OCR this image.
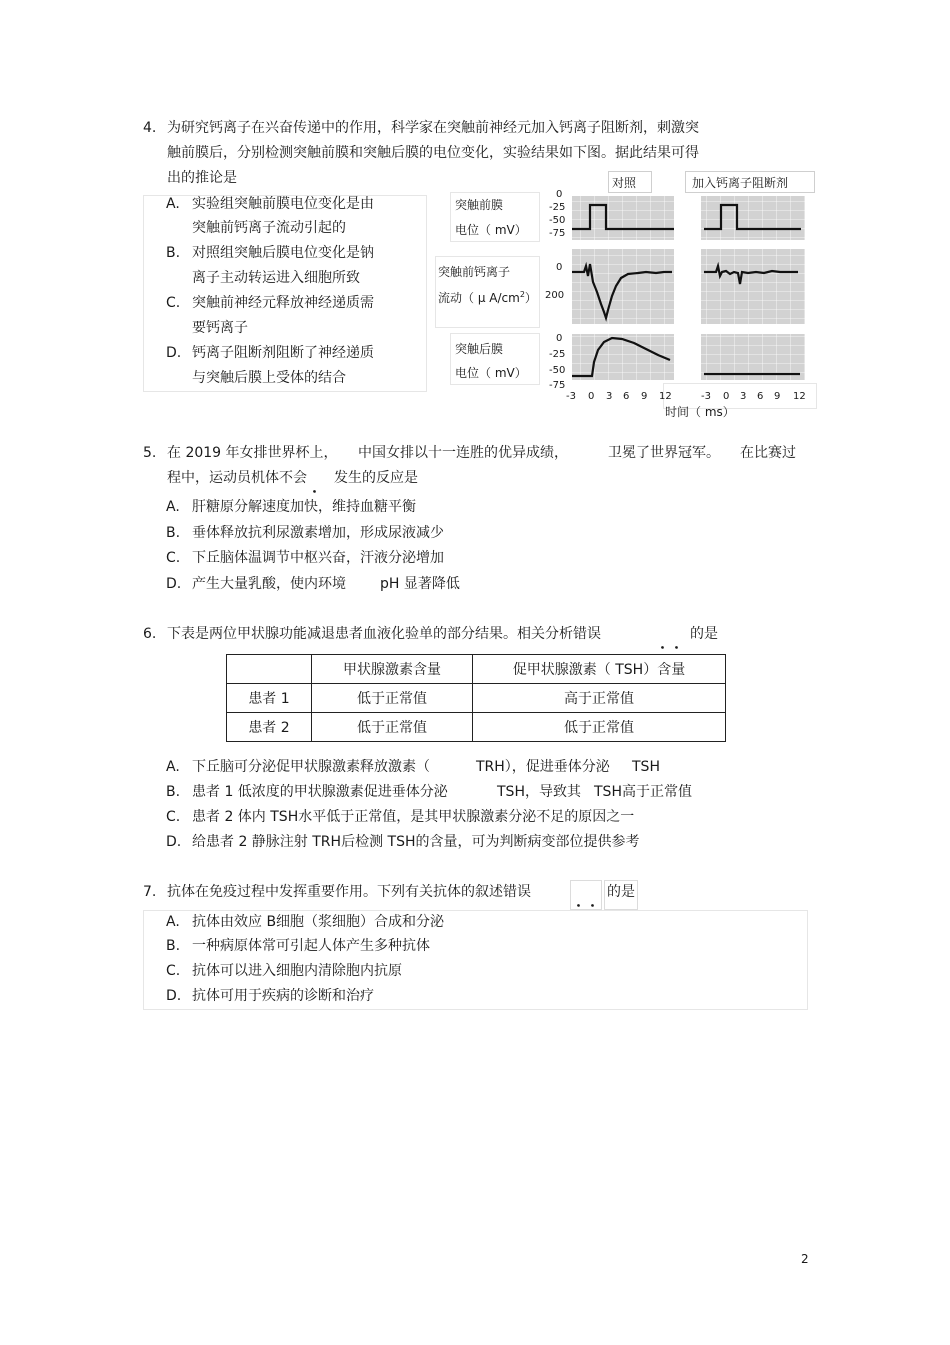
4. 为研究钙离子在兴奋传递中的作用，科学家在突触前神经元加入钙离子阻断剂，刺激突
触前膜后，分别检测突触前膜和突触后膜的电位变化，实验结果如下图。据此结果可得
出的推论是
A. 实验组突触前膜电位变化是由
突触前钙离子流动引起的
B. 对照组突触后膜电位变化是钠
离子主动转运进入细胞所致
C. 突触前神经元释放神经递质需
要钙离子
D. 钙离子阻断剂阻断了神经递质
与突触后膜上受体的结合
对照	加入钙离子阻断剂
突触前膜
电位（ mV）
突触前钙离子
流动（ μ $A/cm^2$）
突触后膜
电位（ mV）
0
-25
-50
-75
0
200
0
-25
-50
-75
-3 0 3 6 9 12	-3 0 3 6 9 12
时间（ ms）
5. 在 2019 年女排世界杯上， 中国女排以十一连胜的优异成绩，	卫冕了世界冠军。 在比赛过
程中，运动员机体不会 ． 发生的反应是
A. 肝糖原分解速度加快，维持血糖平衡
B. 垂体释放抗利尿激素增加，形成尿液减少
C. 下丘脑体温调节中枢兴奋，汗液分泌增加
D. 产生大量乳酸，使内环境 pH 显著降低
6. 下表是两位甲状腺功能减退患者血液化验单的部分结果。相关分析错误	．．
的是
	甲状腺激素含量	促甲状腺激素（ TSH）含量
患者 1	低于正常值	高于正常值
患者 2	低于正常值	低于正常值
A. 下丘脑可分泌促甲状腺激素释放激素（	TRH），促进垂体分泌 TSH
B. 患者 1 低浓度的甲状腺激素促进垂体分泌	TSH，导致其 TSH高于正常值
C. 患者 2 体内 TSH水平低于正常值，是其甲状腺激素分泌不足的原因之一
D. 给患者 2 静脉注射 TRH后检测 TSH的含量，可为判断病变部位提供参考
7. 抗体在免疫过程中发挥重要作用。下列有关抗体的叙述错误	．．
的是
A. 抗体由效应 B细胞（浆细胞）合成和分泌
B. 一种病原体常可引起人体产生多种抗体
C. 抗体可以进入细胞内清除胞内抗原
D. 抗体可用于疾病的诊断和治疗
2
